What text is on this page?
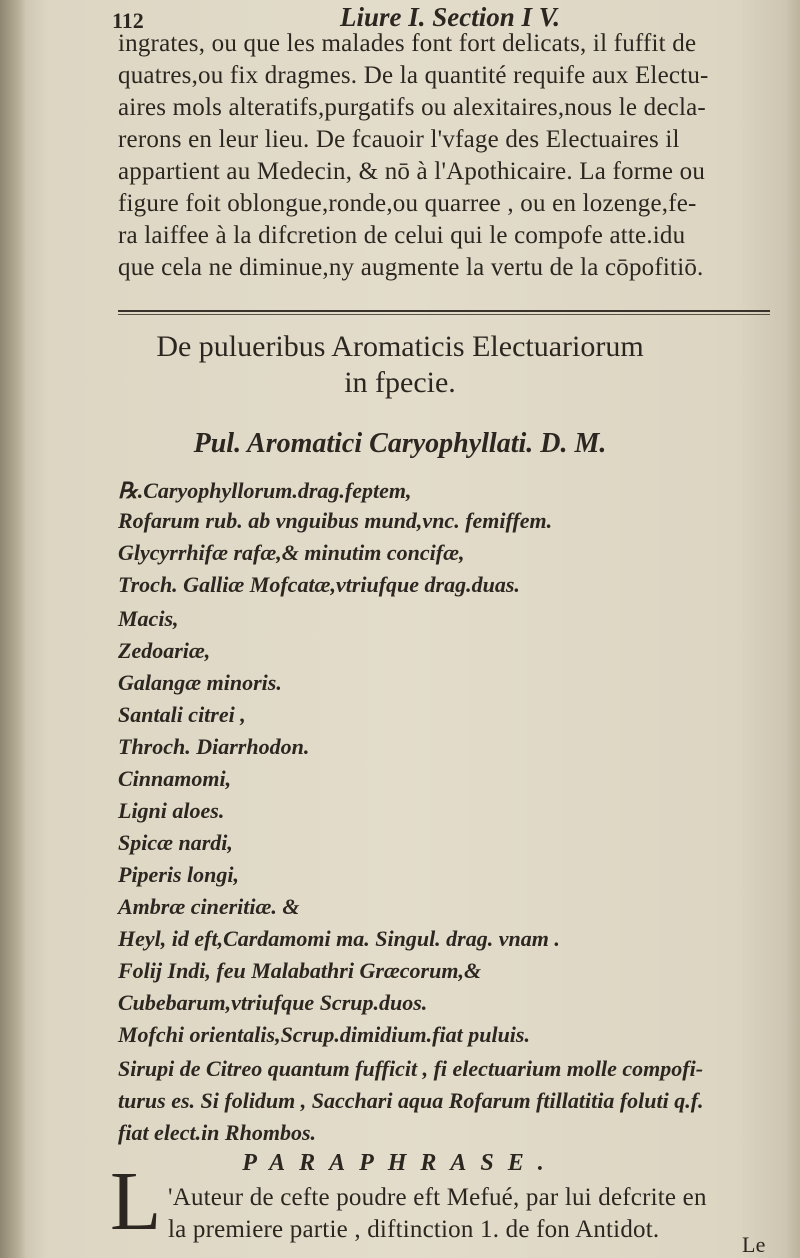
112	Liure I. Section I V.
ingrates, ou que les malades font fort delicats, il fuffit de
quatres,ou fix dragmes. De la quantité requife aux Electu-
aires mols alteratifs,purgatifs ou alexitaires,nous le decla-
rerons en leur lieu. De fcauoir l'vfage des Electuaires il
appartient au Medecin, & nō à l'Apothicaire. La forme ou
figure foit oblongue,ronde,ou quarree , ou en lozenge,fe-
ra laiffee à la difcretion de celui qui le compofe atte.idu
que cela ne diminue,ny augmente la vertu de la cōpofitiō.
De pulueribus Aromaticis Electuariorum
in fpecie.
Pul. Aromatici Caryophyllati. D. M.
℞.Caryophyllorum.drag.feptem,
Rofarum rub. ab vnguibus mund,vnc. femiffem.
Glycyrrhifæ rafæ,& minutim concifæ,
Troch. Galliæ Mofcatæ,vtriufque drag.duas.
Macis,
Zedoariæ,
Galangæ minoris.
Santali citrei ,
Throch. Diarrhodon.
Cinnamomi,
Ligni aloes.
Spicæ nardi,
Piperis longi,
Ambræ cineritiæ. &
Heyl, id eft,Cardamomi ma. Singul. drag. vnam .
Folij Indi, feu Malabathri Græcorum,&
Cubebarum,vtriufque Scrup.duos.
Mofchi orientalis,Scrup.dimidium.fiat puluis.
Sirupi de Citreo quantum fufficit , fi electuarium molle compofi-
turus es. Si folidum , Sacchari aqua Rofarum ftillatitia foluti q.f.
fiat elect.in Rhombos.
PARAPHRASE.
L 'Auteur de cefte poudre eft Mefué, par lui defcrite en
la premiere partie , diftinction 1. de fon Antidot.
Le
